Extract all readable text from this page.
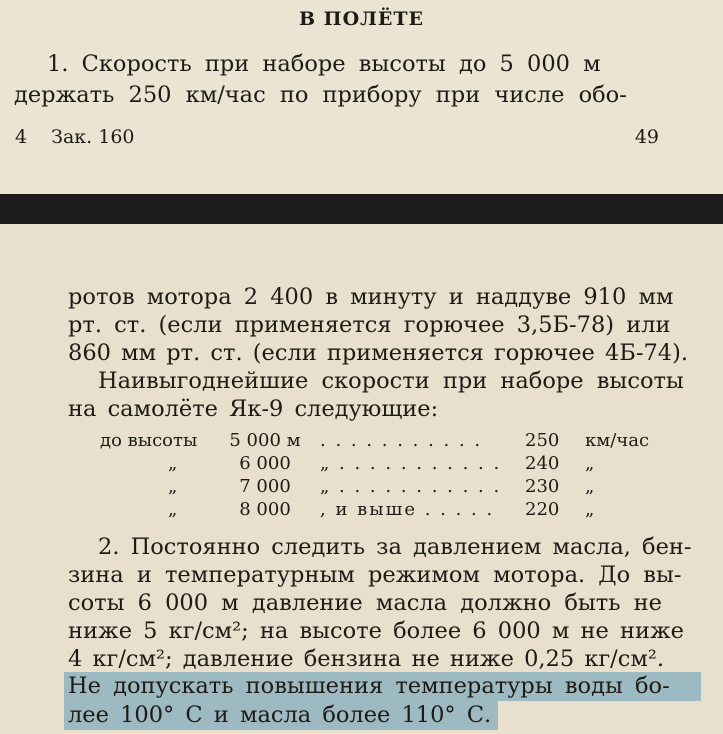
В ПОЛЁТЕ
1. Скорость при наборе высоты до 5 000 м
держать 250 км/час по прибору при числе обо-
4 Зак. 160	49
ротов мотора 2 400 в минуту и наддуве 910 мм
рт. ст. (если применяется горючее 3,5Б-78) или
860 мм рт. ст. (если применяется горючее 4Б-74).
Наивыгоднейшие скорости при наборе высоты
на самолёте Як-9 следующие:
до высоты 5 000 м . . . . . . . . . . . 250 км/час
„	6 000 „ . . . . . . . . . . . 240 „
„	7 000 „ . . . . . . . . . . . 230 „
„	8 000 , и выше . . . . . 220 „
2. Постоянно следить за давлением масла, бен-
зина и температурным режимом мотора. До вы-
соты 6 000 м давление масла должно быть не
ниже 5 кг/см²; на высоте более 6 000 м не ниже
4 кг/см²; давление бензина не ниже 0,25 кг/см².
Не допускать повышения температуры воды бо-
лее 100° С и масла более 110° С.
